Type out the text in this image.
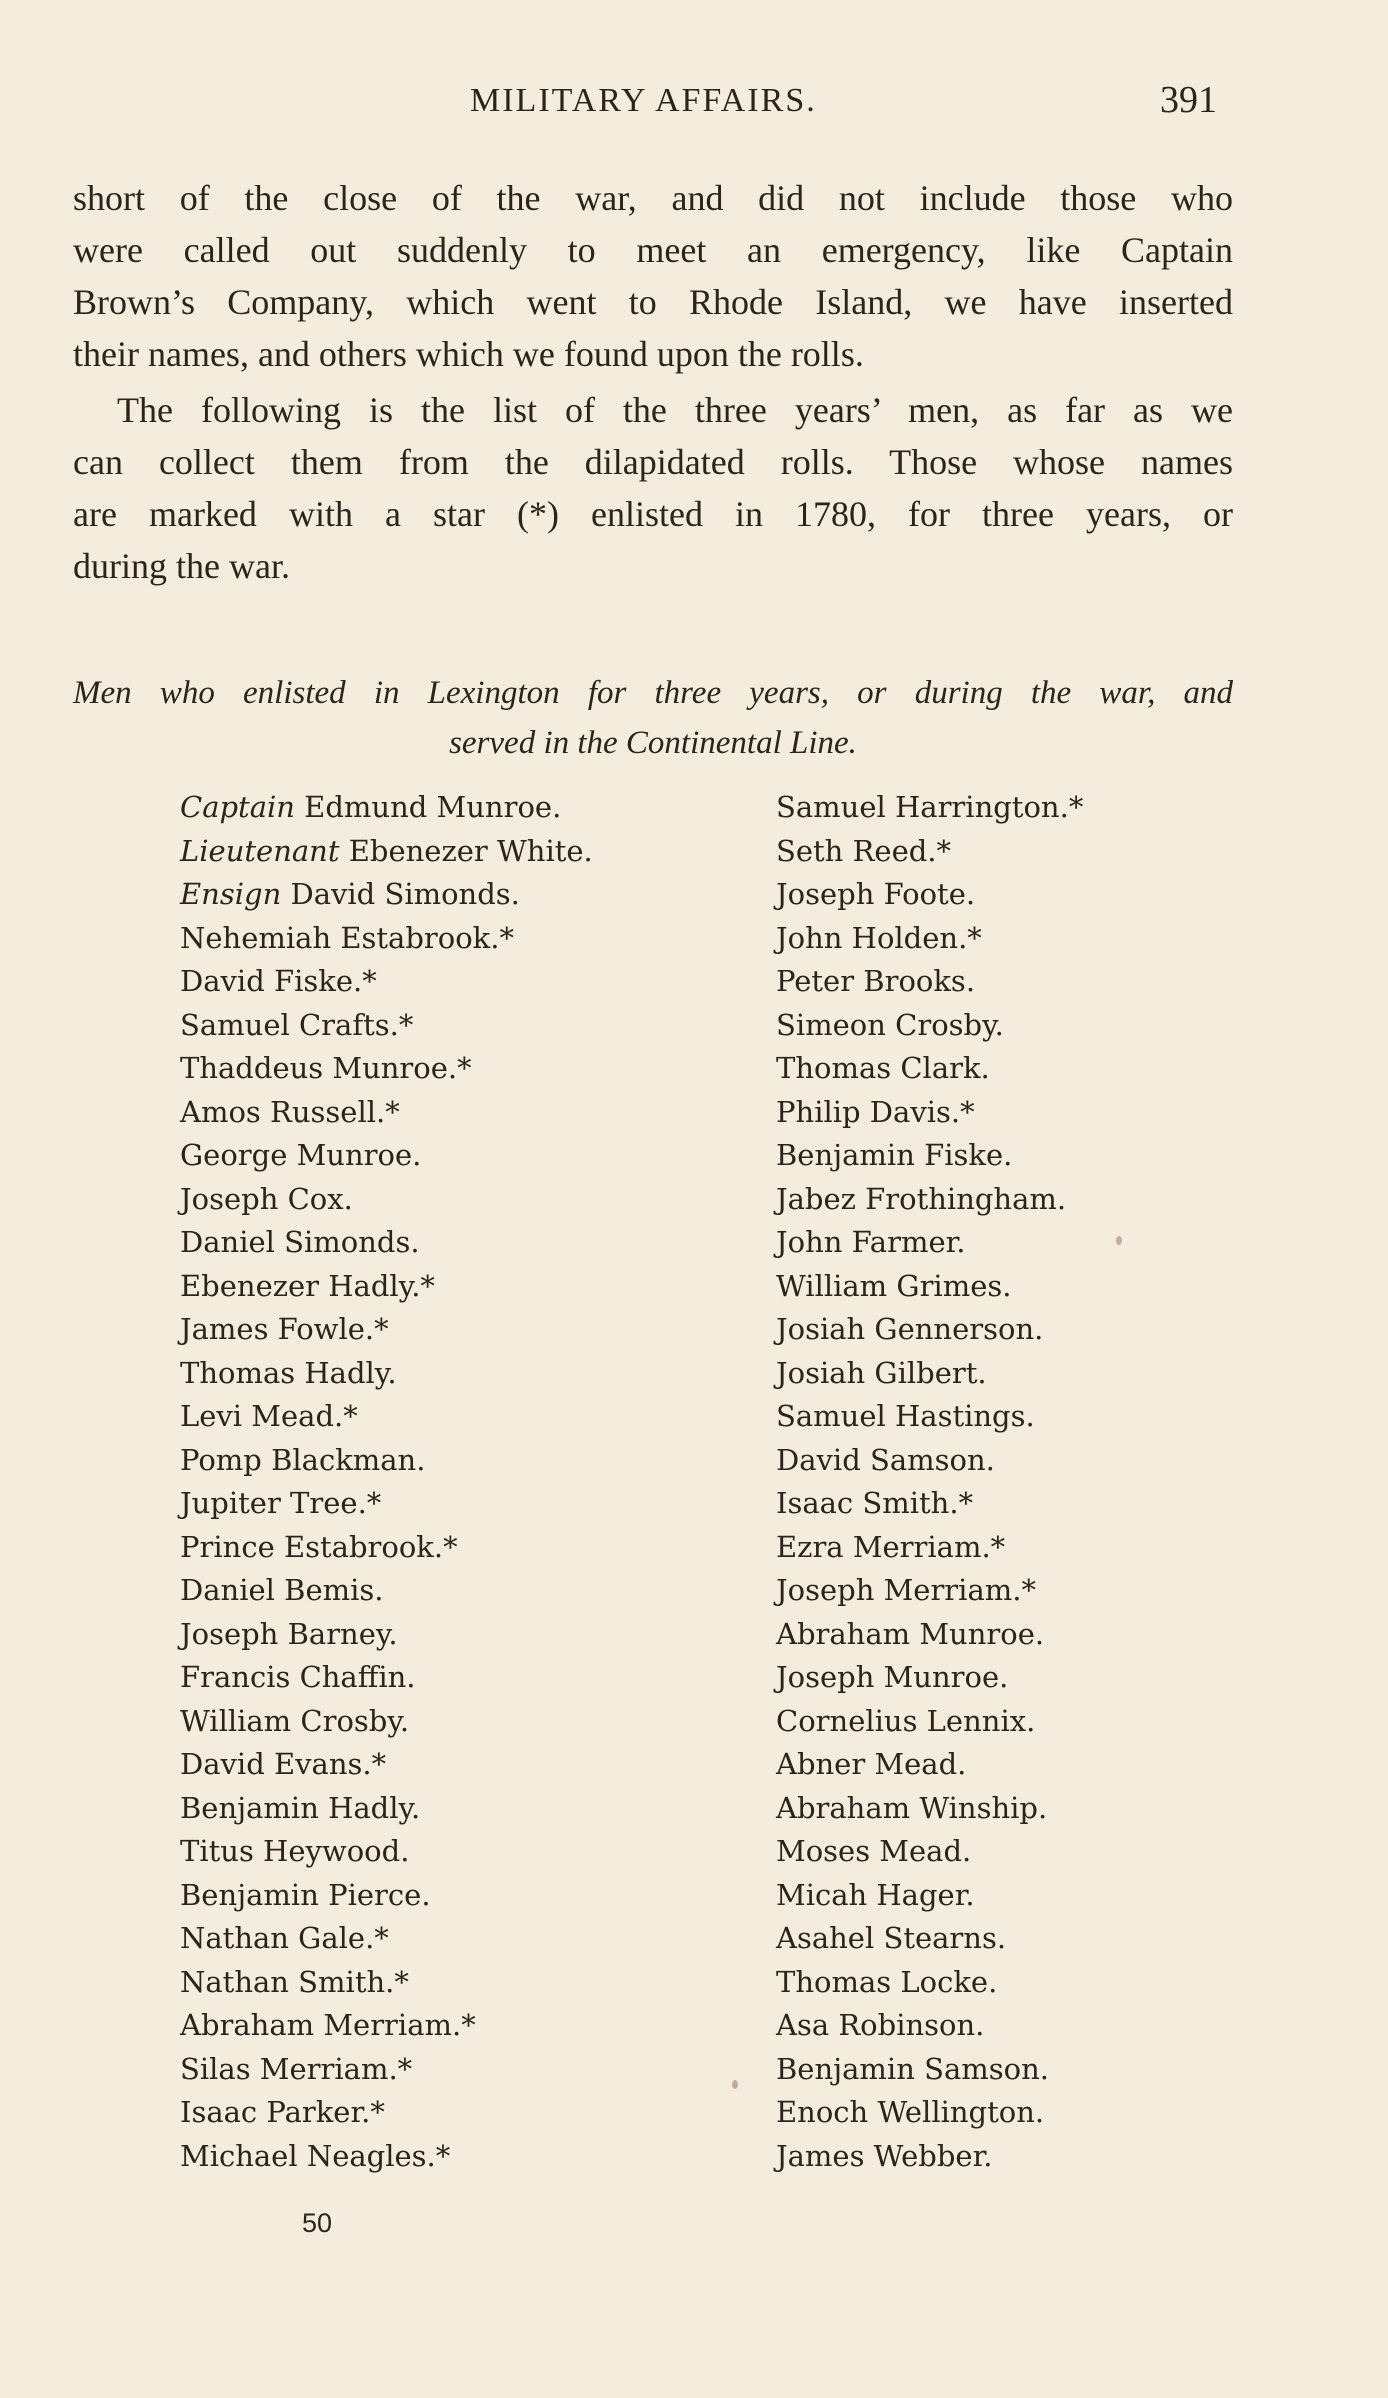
MILITARY AFFAIRS.	391
short of the close of the war, and did not include those who
were called out suddenly to meet an emergency, like Captain
Brown’s Company, which went to Rhode Island, we have inserted
their names, and others which we found upon the rolls.
The following is the list of the three years’ men, as far as we
can collect them from the dilapidated rolls. Those whose names
are marked with a star (*) enlisted in 1780, for three years, or
during the war.
Men who enlisted in Lexington for three years, or during the war, and
served in the Continental Line.
Captain Edmund Munroe.
Lieutenant Ebenezer White.
Ensign David Simonds.
Nehemiah Estabrook.*
David Fiske.*
Samuel Crafts.*
Thaddeus Munroe.*
Amos Russell.*
George Munroe.
Joseph Cox.
Daniel Simonds.
Ebenezer Hadly.*
James Fowle.*
Thomas Hadly.
Levi Mead.*
Pomp Blackman.
Jupiter Tree.*
Prince Estabrook.*
Daniel Bemis.
Joseph Barney.
Francis Chaffin.
William Crosby.
David Evans.*
Benjamin Hadly.
Titus Heywood.
Benjamin Pierce.
Nathan Gale.*
Nathan Smith.*
Abraham Merriam.*
Silas Merriam.*
Isaac Parker.*
Michael Neagles.*
Samuel Harrington.*
Seth Reed.*
Joseph Foote.
John Holden.*
Peter Brooks.
Simeon Crosby.
Thomas Clark.
Philip Davis.*
Benjamin Fiske.
Jabez Frothingham.
John Farmer.
William Grimes.
Josiah Gennerson.
Josiah Gilbert.
Samuel Hastings.
David Samson.
Isaac Smith.*
Ezra Merriam.*
Joseph Merriam.*
Abraham Munroe.
Joseph Munroe.
Cornelius Lennix.
Abner Mead.
Abraham Winship.
Moses Mead.
Micah Hager.
Asahel Stearns.
Thomas Locke.
Asa Robinson.
Benjamin Samson.
Enoch Wellington.
James Webber.
50
